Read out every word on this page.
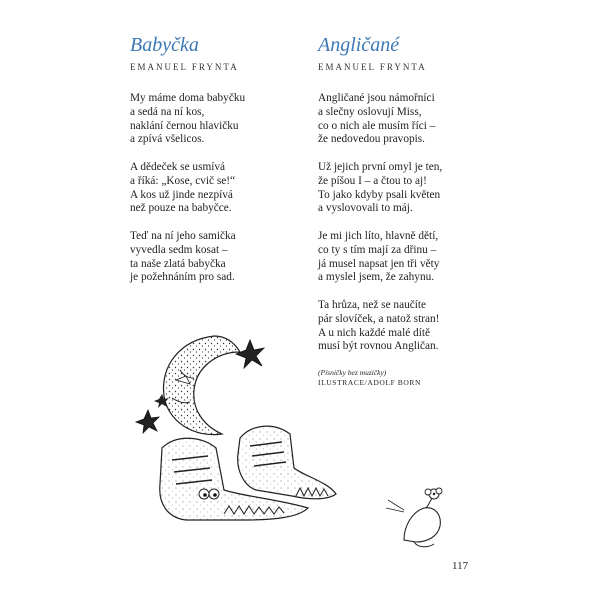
Babyčka
EMANUEL FRYNTA
My máme doma babyčku
a sedá na ní kos,
naklání černou hlavičku
a zpívá všelicos.
A dědeček se usmívá
a říká: „Kose, cvič se!“
A kos už jinde nezpívá
než pouze na babyčce.
Teď na ní jeho samička
vyvedla sedm kosat –
ta naše zlatá babyčka
je požehnáním pro sad.
Angličané
EMANUEL FRYNTA
Angličané jsou námořníci
a slečny oslovují Miss,
co o nich ale musím říci –
že nedovedou pravopis.
Už jejich první omyl je ten,
že píšou I – a čtou to aj!
To jako kdyby psali květen
a vyslovovali to máj.
Je mi jich líto, hlavně dětí,
co ty s tím mají za dřinu –
já musel napsat jen tři věty
a myslel jsem, že zahynu.
Ta hrůza, než se naučíte
pár slovíček, a natož stran!
A u nich každé malé dítě
musí být rovnou Angličan.
(Písničky bez muzičky)
ILUSTRACE/ADOLF BORN
117
